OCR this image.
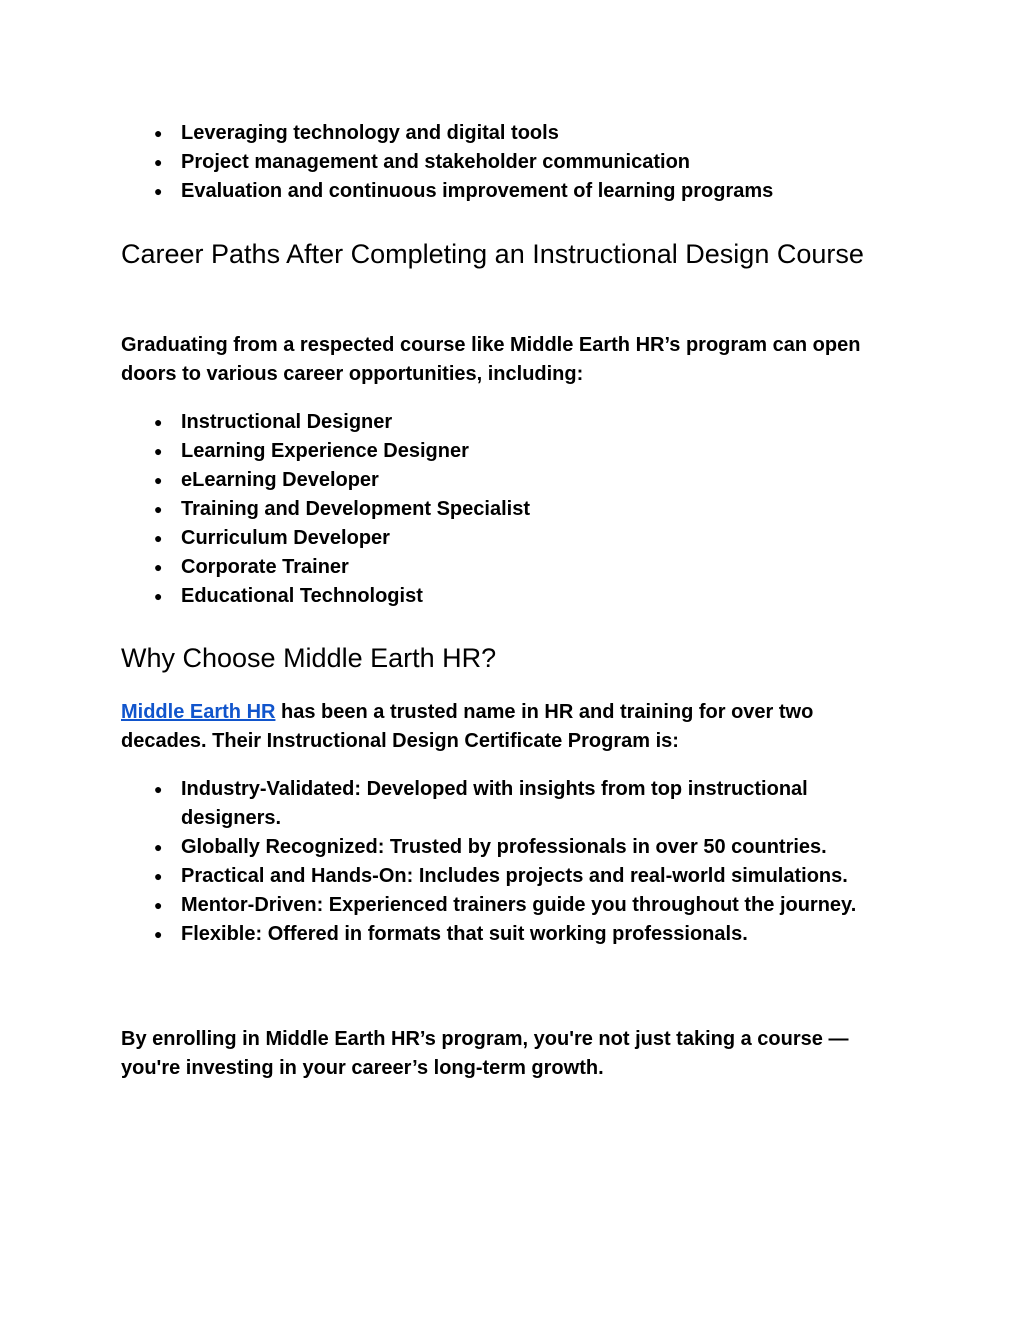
● Leveraging technology and digital tools
● Project management and stakeholder communication
● Evaluation and continuous improvement of learning programs
Career Paths After Completing an Instructional Design Course

Graduating from a respected course like Middle Earth HR’s program can open doors to various career opportunities, including:

● Instructional Designer
● Learning Experience Designer
● eLearning Developer
● Training and Development Specialist
● Curriculum Developer
● Corporate Trainer
● Educational Technologist
Why Choose Middle Earth HR?

Middle Earth HR has been a trusted name in HR and training for over two decades. Their Instructional Design Certificate Program is:

● Industry-Validated: Developed with insights from top instructional designers.
● Globally Recognized: Trusted by professionals in over 50 countries.
● Practical and Hands-On: Includes projects and real-world simulations.
● Mentor-Driven: Experienced trainers guide you throughout the journey.
● Flexible: Offered in formats that suit working professionals.

By enrolling in Middle Earth HR’s program, you're not just taking a course — you're investing in your career’s long-term growth.
